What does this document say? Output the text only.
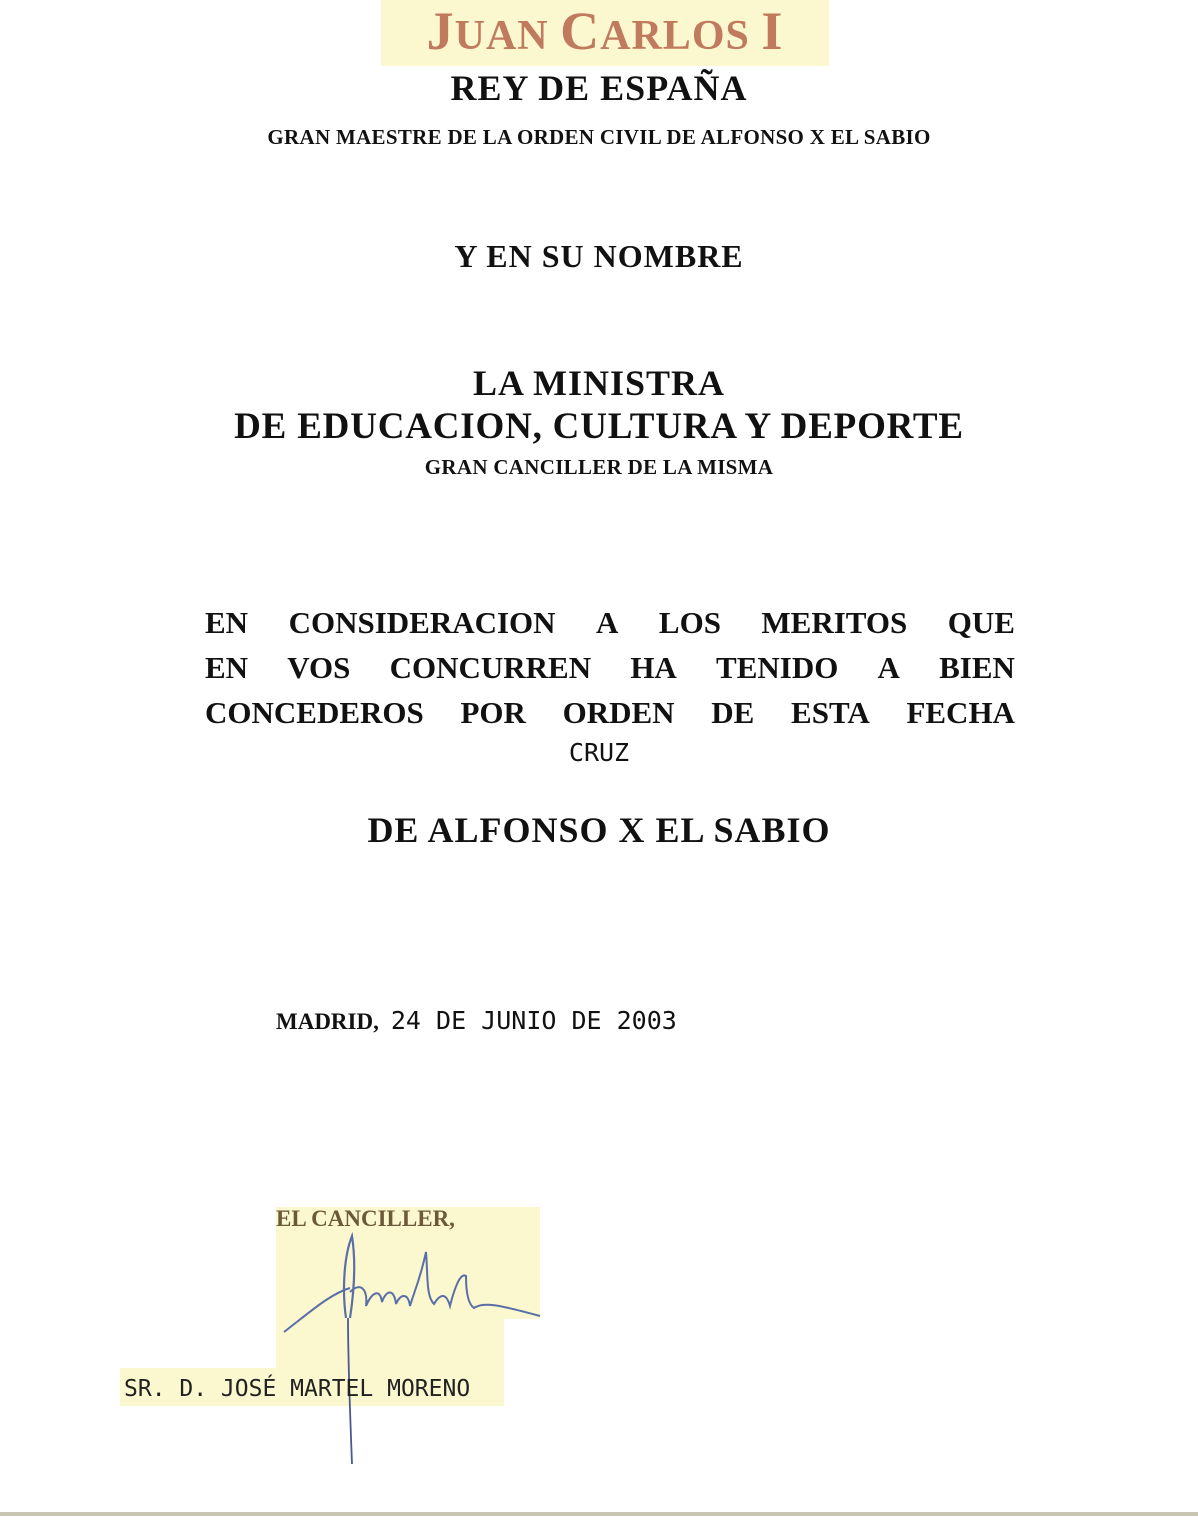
JUAN CARLOS I
REY DE ESPAÑA
GRAN MAESTRE DE LA ORDEN CIVIL DE ALFONSO X EL SABIO
Y EN SU NOMBRE
LA MINISTRA
DE EDUCACION, CULTURA Y DEPORTE
GRAN CANCILLER DE LA MISMA
EN CONSIDERACION A LOS MERITOS QUE
EN VOS CONCURREN HA TENIDO A BIEN
CONCEDEROS POR ORDEN DE ESTA FECHA
CRUZ
DE ALFONSO X EL SABIO
MADRID, 24 DE JUNIO DE 2003
EL CANCILLER,
SR. D. JOSÉ MARTEL MORENO
